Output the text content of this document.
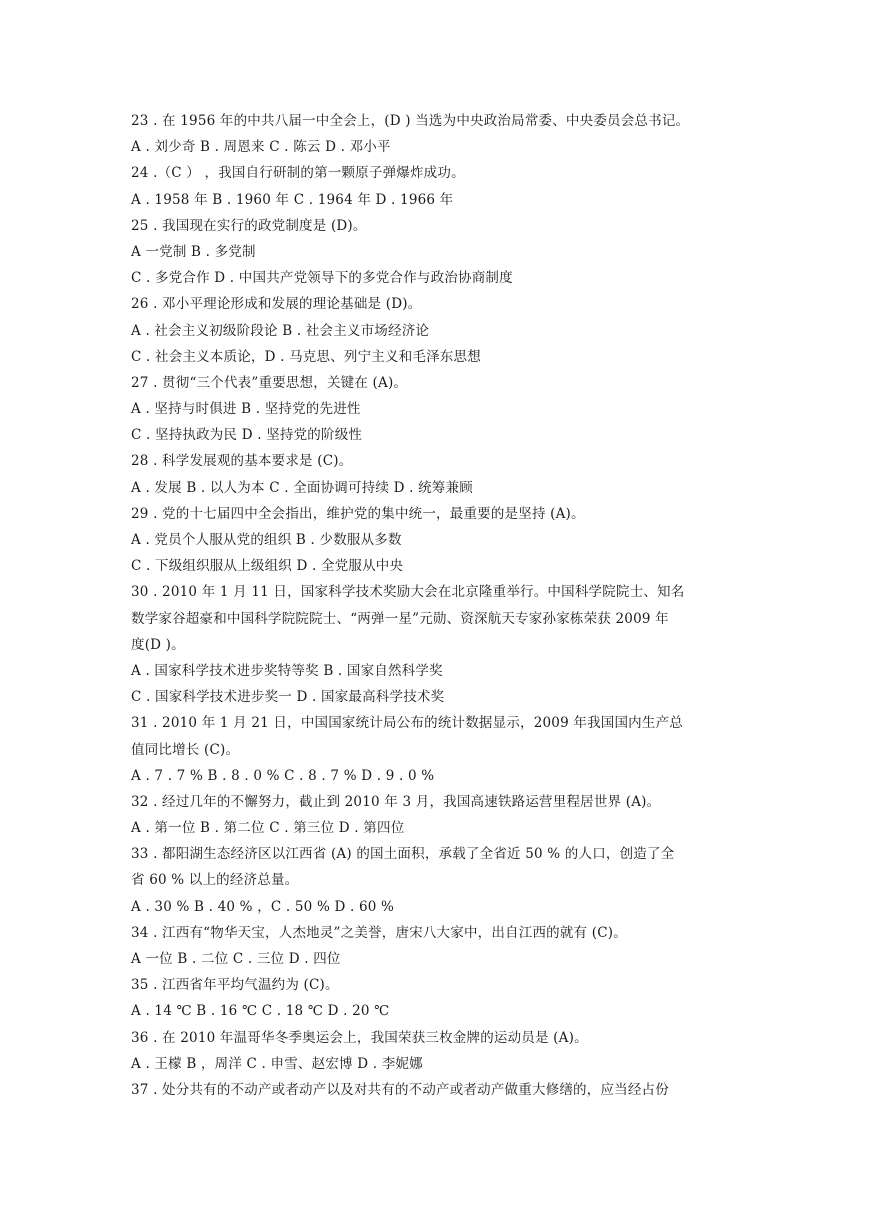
23 . 在 1956 年的中共八届一中全会上，(D ) 当选为中央政治局常委、中央委员会总书记。
A . 刘少奇 B . 周恩来 C . 陈云 D . 邓小平
24 .（C ） ，我国自行研制的第一颗原子弹爆炸成功。
A . 1958 年 B . 1960 年 C . 1964 年 D . 1966 年
25 . 我国现在实行的政党制度是 (D)。
A 一党制 B . 多党制
C . 多党合作 D . 中国共产党领导下的多党合作与政治协商制度
26 . 邓小平理论形成和发展的理论基础是 (D)。
A . 社会主义初级阶段论 B . 社会主义市场经济论
C . 社会主义本质论，D . 马克思、列宁主义和毛泽东思想
27 . 贯彻“三个代表”重要思想，关键在 (A)。
A . 坚持与时俱进 B . 坚持党的先进性
C . 坚持执政为民 D . 坚持党的阶级性
28 . 科学发展观的基本要求是 (C)。
A . 发展 B . 以人为本 C . 全面协调可持续 D . 统筹兼顾
29 . 党的十七届四中全会指出，维护党的集中统一，最重要的是坚持 (A)。
A . 党员个人服从党的组织 B . 少数服从多数
C . 下级组织服从上级组织 D . 全党服从中央
30 . 2010 年 1 月 11 日，国家科学技术奖励大会在北京隆重举行。中国科学院院士、知名
数学家谷超豪和中国科学院院院士、“两弹一星”元勋、资深航天专家孙家栋荣获 2009 年
度(D )。
A . 国家科学技术进步奖特等奖 B . 国家自然科学奖
C . 国家科学技术进步奖一 D . 国家最高科学技术奖
31 . 2010 年 1 月 21 日，中国国家统计局公布的统计数据显示，2009 年我国国内生产总
值同比增长 (C)。
A . 7 . 7 % B . 8 . 0 % C . 8 . 7 % D . 9 . 0 %
32 . 经过几年的不懈努力，截止到 2010 年 3 月，我国高速铁路运营里程居世界 (A)。
A . 第一位 B . 第二位 C . 第三位 D . 第四位
33 . 都阳湖生态经济区以江西省 (A) 的国土面积，承载了全省近 50 % 的人口，创造了全
省 60 % 以上的经济总量。
A . 30 % B . 40 % ，C . 50 % D . 60 %
34 . 江西有“物华天宝，人杰地灵”之美誉，唐宋八大家中，出自江西的就有 (C)。
A 一位 B . 二位 C . 三位 D . 四位
35 . 江西省年平均气温约为 (C)。
A . 14 ℃ B . 16 ℃ C . 18 ℃ D . 20 ℃
36 . 在 2010 年温哥华冬季奥运会上，我国荣获三枚金牌的运动员是 (A)。
A . 王檬 B ，周洋 C . 申雪、赵宏博 D . 李妮娜
37 . 处分共有的不动产或者动产以及对共有的不动产或者动产做重大修缮的，应当经占份
